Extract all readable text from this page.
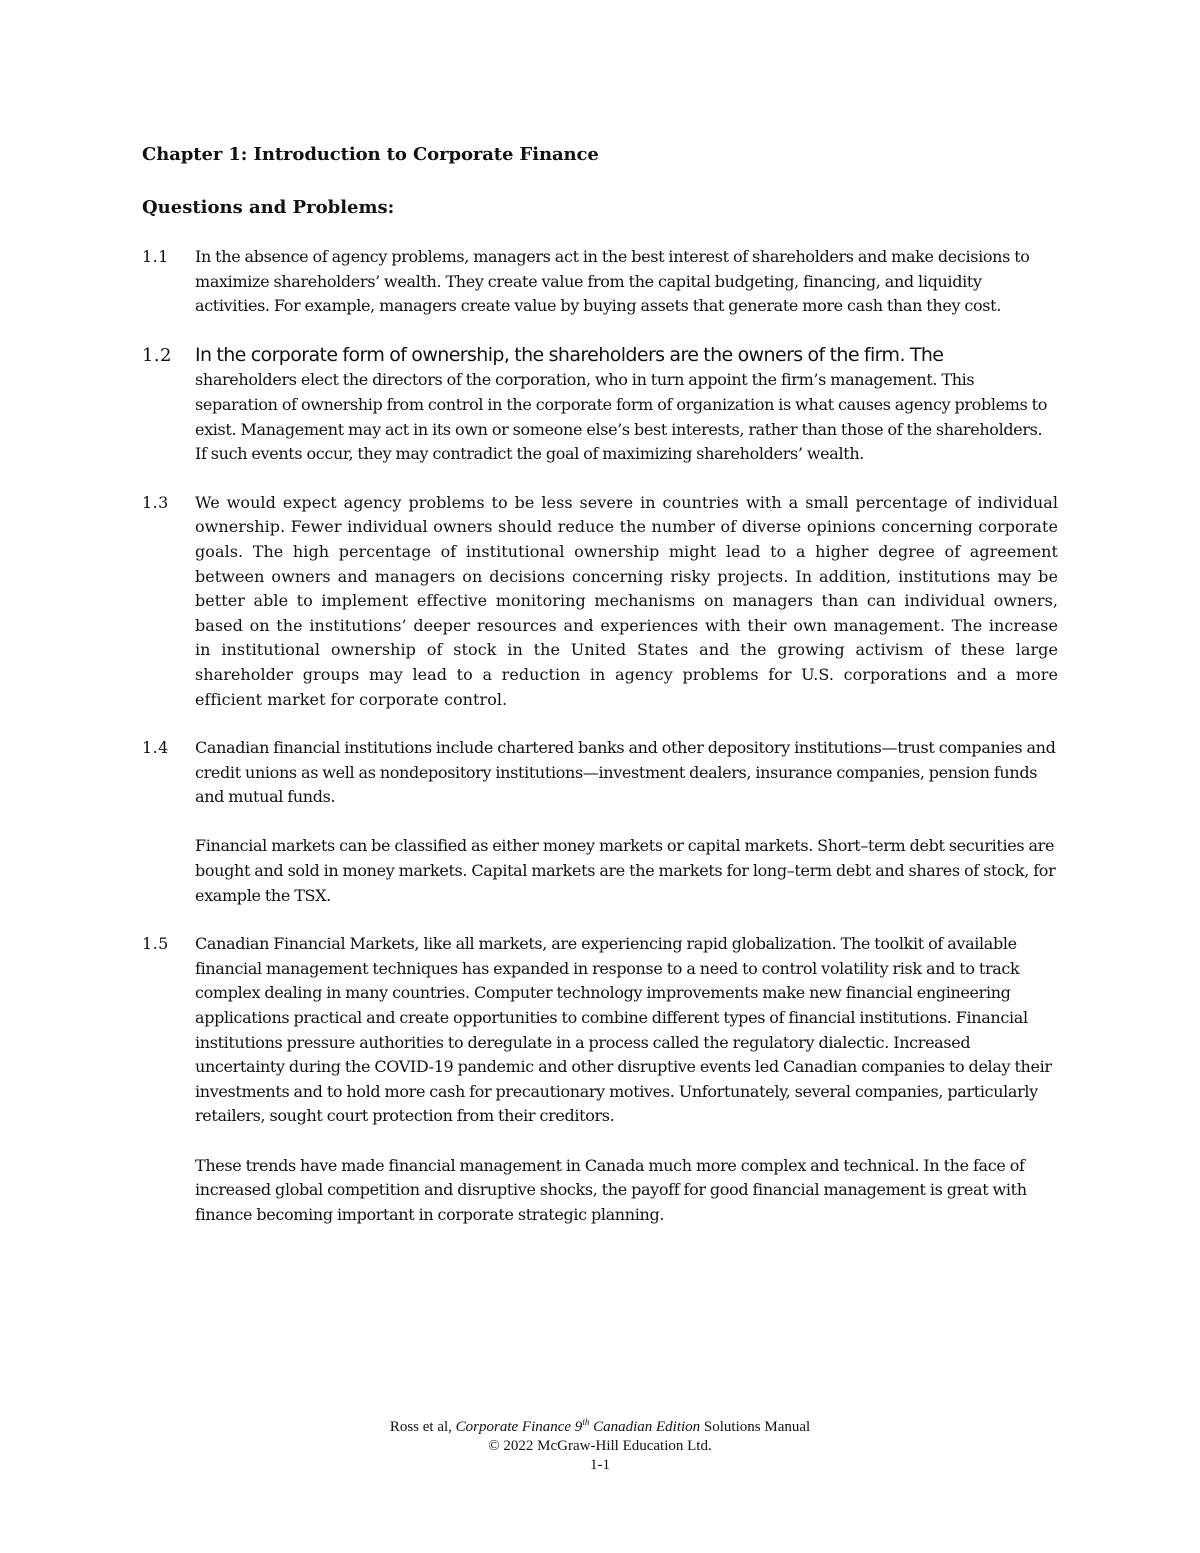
Chapter 1: Introduction to Corporate Finance
Questions and Problems:
1.1 In the absence of agency problems, managers act in the best interest of shareholders and make decisions to maximize shareholders’ wealth. They create value from the capital budgeting, financing, and liquidity activities. For example, managers create value by buying assets that generate more cash than they cost.

1.2 In the corporate form of ownership, the shareholders are the owners of the firm. The
shareholders elect the directors of the corporation, who in turn appoint the firm’s management. This separation of ownership from control in the corporate form of organization is what causes agency problems to exist. Management may act in its own or someone else’s best interests, rather than those of the shareholders. If such events occur, they may contradict the goal of maximizing shareholders’ wealth.

1.3 We would expect agency problems to be less severe in countries with a small percentage of individual ownership. Fewer individual owners should reduce the number of diverse opinions concerning corporate goals. The high percentage of institutional ownership might lead to a higher degree of agreement between owners and managers on decisions concerning risky projects. In addition, institutions may be better able to implement effective monitoring mechanisms on managers than can individual owners, based on the institutions’ deeper resources and experiences with their own management. The increase in institutional ownership of stock in the United States and the growing activism of these large shareholder groups may lead to a reduction in agency problems for U.S. corporations and a more efficient market for corporate control.

1.4 Canadian financial institutions include chartered banks and other depository institutions—trust companies and credit unions as well as nondepository institutions—investment dealers, insurance companies, pension funds and mutual funds.

Financial markets can be classified as either money markets or capital markets. Short–term debt securities are bought and sold in money markets. Capital markets are the markets for long–term debt and shares of stock, for example the TSX.

1.5 Canadian Financial Markets, like all markets, are experiencing rapid globalization. The toolkit of available financial management techniques has expanded in response to a need to control volatility risk and to track complex dealing in many countries. Computer technology improvements make new financial engineering applications practical and create opportunities to combine different types of financial institutions. Financial institutions pressure authorities to deregulate in a process called the regulatory dialectic. Increased uncertainty during the COVID-19 pandemic and other disruptive events led Canadian companies to delay their investments and to hold more cash for precautionary motives. Unfortunately, several companies, particularly retailers, sought court protection from their creditors.

These trends have made financial management in Canada much more complex and technical. In the face of increased global competition and disruptive shocks, the payoff for good financial management is great with finance becoming important in corporate strategic planning.

Ross et al, Corporate Finance 9th Canadian Edition Solutions Manual
© 2022 McGraw-Hill Education Ltd.
1-1
